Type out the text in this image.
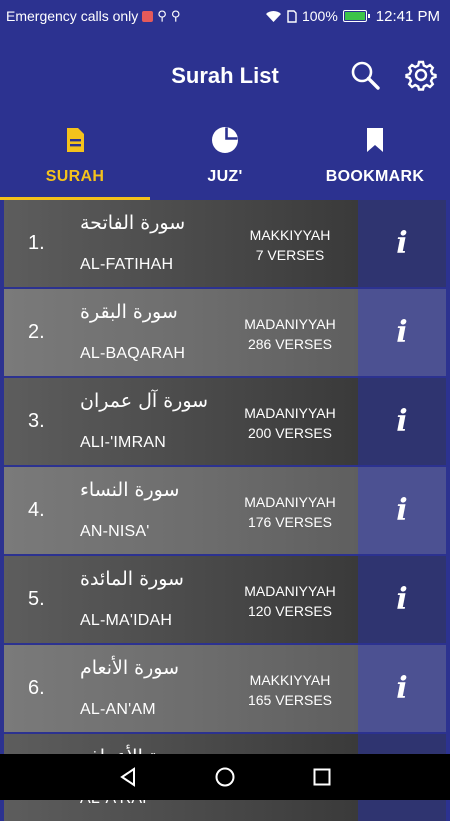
Emergency calls only ⚲ ⚲	100%	12:41 PM
Surah List
SURAH	JUZ'	BOOKMARK
1.
سورة الفاتحة
AL-FATIHAH
MAKKIYYAH
7 VERSES	i
2.
سورة البقرة
AL-BAQARAH
MADANIYYAH
286 VERSES	i
3.
سورة آل عمران
ALI-'IMRAN
MADANIYYAH
200 VERSES	i
4.
سورة النساء
AN-NISA'
MADANIYYAH
176 VERSES	i
5.
سورة المائدة
AL-MA'IDAH
MADANIYYAH
120 VERSES	i
6.
سورة الأنعام
AL-AN'AM
MAKKIYYAH
165 VERSES	i
